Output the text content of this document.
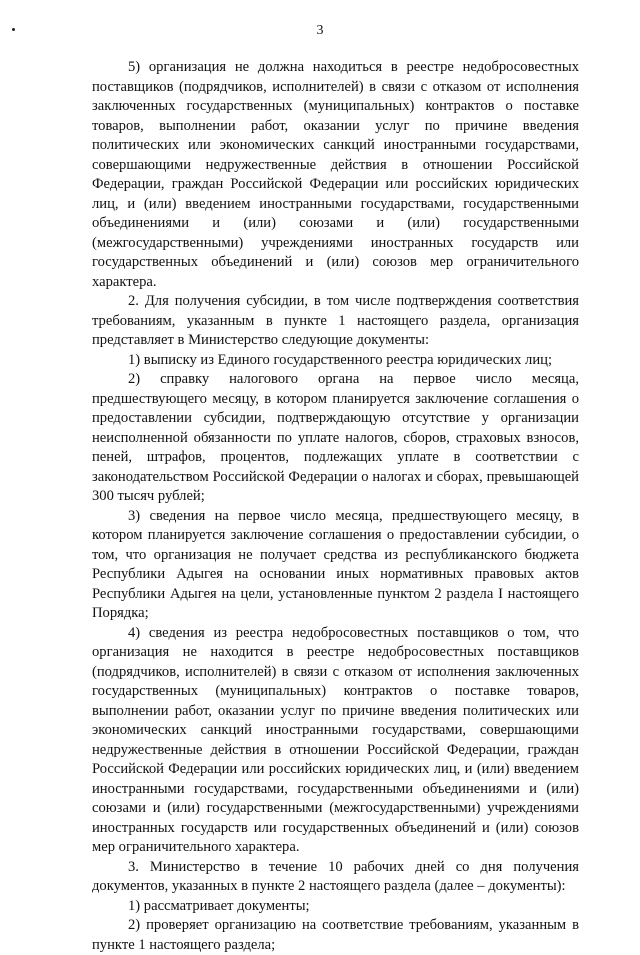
3

5) организация не должна находиться в реестре недобросовестных поставщиков (подрядчиков, исполнителей) в связи с отказом от исполнения заключенных государственных (муниципальных) контрактов о поставке товаров, выполнении работ, оказании услуг по причине введения политических или экономических санкций иностранными государствами, совершающими недружественные действия в отношении Российской Федерации, граждан Российской Федерации или российских юридических лиц, и (или) введением иностранными государствами, государственными объединениями и (или) союзами и (или) государственными (межгосударственными) учреждениями иностранных государств или государственных объединений и (или) союзов мер ограничительного характера.

2. Для получения субсидии, в том числе подтверждения соответствия требованиям, указанным в пункте 1 настоящего раздела, организация представляет в Министерство следующие документы:

1) выписку из Единого государственного реестра юридических лиц;

2) справку налогового органа на первое число месяца, предшествующего месяцу, в котором планируется заключение соглашения о предоставлении субсидии, подтверждающую отсутствие у организации неисполненной обязанности по уплате налогов, сборов, страховых взносов, пеней, штрафов, процентов, подлежащих уплате в соответствии с законодательством Российской Федерации о налогах и сборах, превышающей 300 тысяч рублей;

3) сведения на первое число месяца, предшествующего месяцу, в котором планируется заключение соглашения о предоставлении субсидии, о том, что организация не получает средства из республиканского бюджета Республики Адыгея на основании иных нормативных правовых актов Республики Адыгея на цели, установленные пунктом 2 раздела I настоящего Порядка;

4) сведения из реестра недобросовестных поставщиков о том, что организация не находится в реестре недобросовестных поставщиков (подрядчиков, исполнителей) в связи с отказом от исполнения заключенных государственных (муниципальных) контрактов о поставке товаров, выполнении работ, оказании услуг по причине введения политических или экономических санкций иностранными государствами, совершающими недружественные действия в отношении Российской Федерации, граждан Российской Федерации или российских юридических лиц, и (или) введением иностранными государствами, государственными объединениями и (или) союзами и (или) государственными (межгосударственными) учреждениями иностранных государств или государственных объединений и (или) союзов мер ограничительного характера.

3. Министерство в течение 10 рабочих дней со дня получения документов, указанных в пункте 2 настоящего раздела (далее – документы):

1) рассматривает документы;

2) проверяет организацию на соответствие требованиям, указанным в пункте 1 настоящего раздела;
